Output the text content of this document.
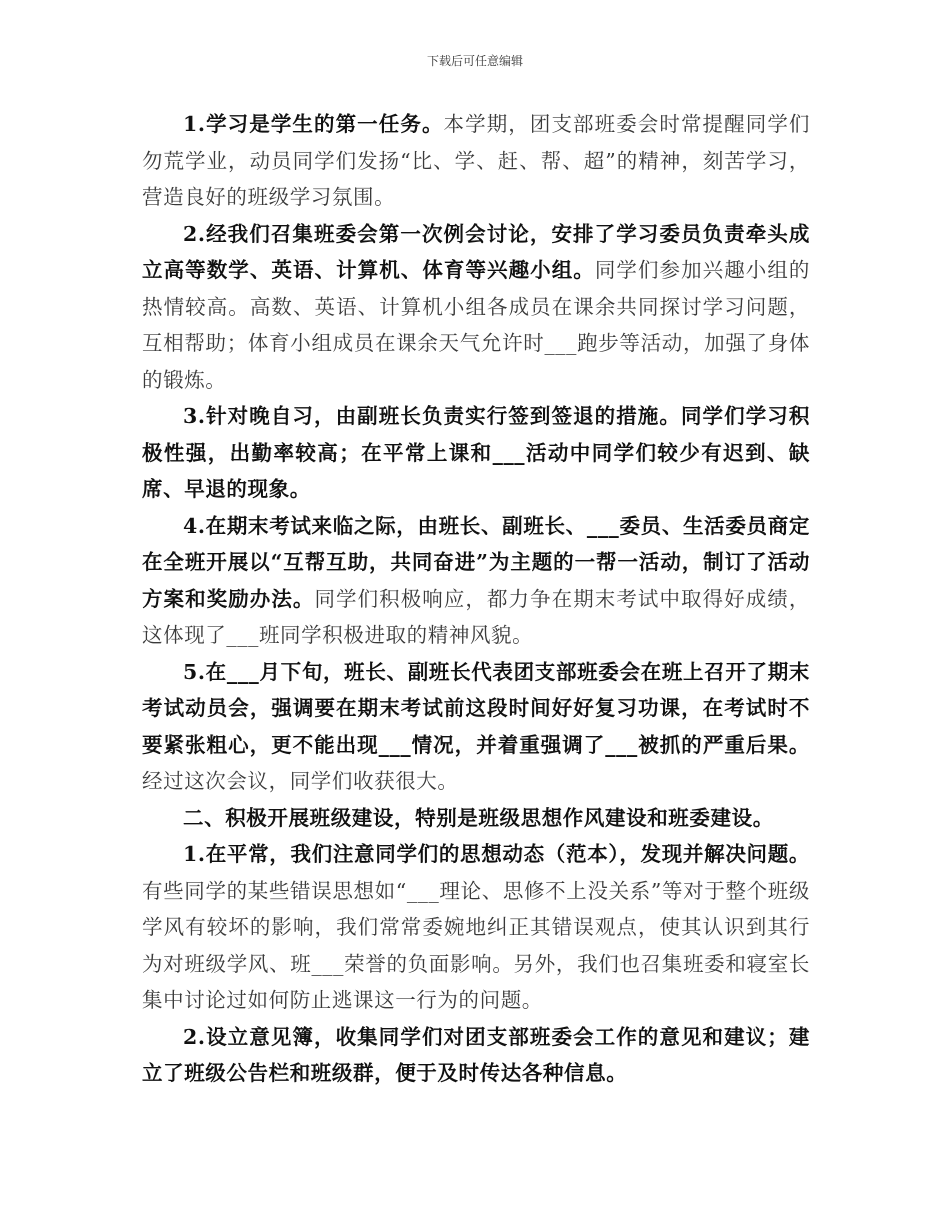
下载后可任意编辑

1.学习是学生的第一任务。本学期，团支部班委会时常提醒同学们勿荒学业，动员同学们发扬“比、学、赶、帮、超”的精神，刻苦学习，营造良好的班级学习氛围。

2.经我们召集班委会第一次例会讨论，安排了学习委员负责牵头成立高等数学、英语、计算机、体育等兴趣小组。同学们参加兴趣小组的热情较高。高数、英语、计算机小组各成员在课余共同探讨学习问题，互相帮助；体育小组成员在课余天气允许时___跑步等活动，加强了身体的锻炼。

3.针对晚自习，由副班长负责实行签到签退的措施。同学们学习积极性强，出勤率较高；在平常上课和___活动中同学们较少有迟到、缺席、早退的现象。

4.在期末考试来临之际，由班长、副班长、___委员、生活委员商定在全班开展以“互帮互助，共同奋进”为主题的一帮一活动，制订了活动方案和奖励办法。同学们积极响应，都力争在期末考试中取得好成绩，这体现了___班同学积极进取的精神风貌。

5.在___月下旬，班长、副班长代表团支部班委会在班上召开了期末考试动员会，强调要在期末考试前这段时间好好复习功课，在考试时不要紧张粗心，更不能出现___情况，并着重强调了___被抓的严重后果。经过这次会议，同学们收获很大。

二、积极开展班级建设，特别是班级思想作风建设和班委建设。

1.在平常，我们注意同学们的思想动态（范本），发现并解决问题。有些同学的某些错误思想如“___理论、思修不上没关系”等对于整个班级学风有较坏的影响，我们常常委婉地纠正其错误观点，使其认识到其行为对班级学风、班___荣誉的负面影响。另外，我们也召集班委和寝室长集中讨论过如何防止逃课这一行为的问题。

2.设立意见簿，收集同学们对团支部班委会工作的意见和建议；建立了班级公告栏和班级群，便于及时传达各种信息。
